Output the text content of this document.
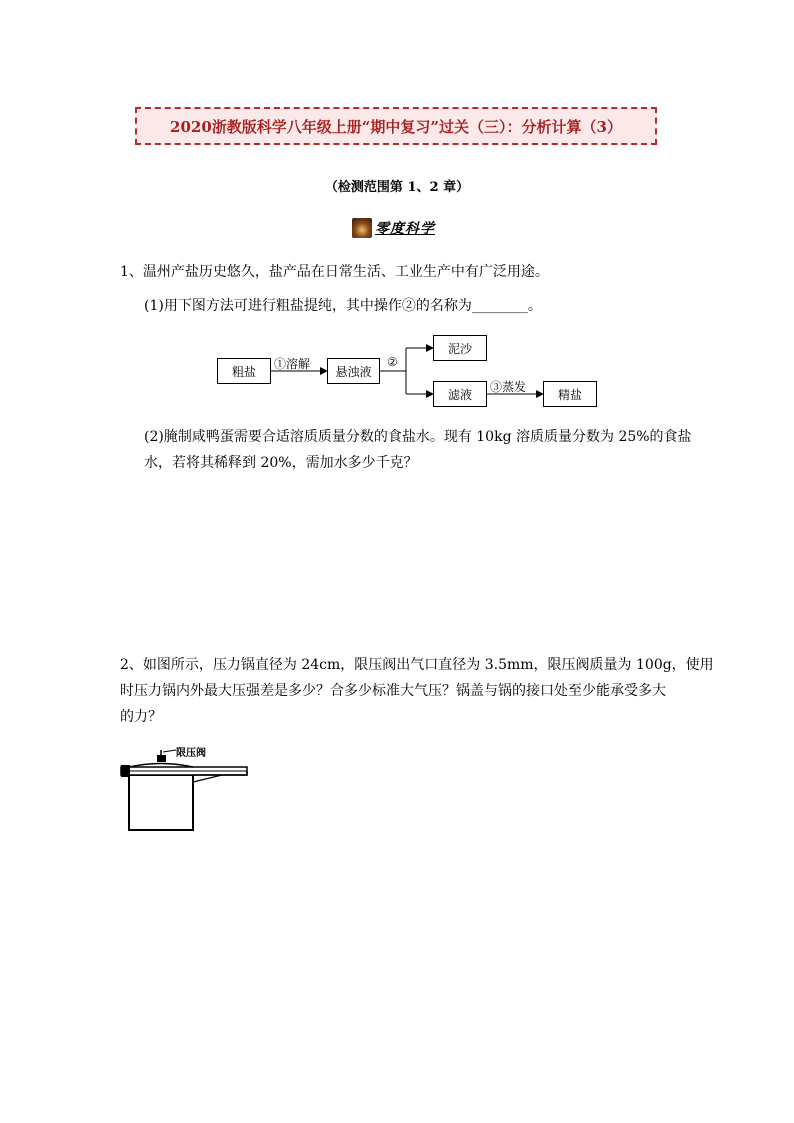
2020浙教版科学八年级上册“期中复习”过关（三）：分析计算（3）
（检测范围第 1、2 章）
零度科学
1、温州产盐历史悠久，盐产品在日常生活、工业生产中有广泛用途。
(1)用下图方法可进行粗盐提纯，其中操作②的名称为________。
粗盐	悬浊液
泥沙
滤液	精盐
①溶解	②
③蒸发
(2)腌制咸鸭蛋需要合适溶质质量分数的食盐水。现有 10kg 溶质质量分数为 25%的食盐
水，若将其稀释到 20%，需加水多少千克？
2、如图所示，压力锅直径为 24cm，限压阀出气口直径为 3.5mm，限压阀质量为 100g，使用
时压力锅内外最大压强差是多少？合多少标准大气压？锅盖与锅的接口处至少能承受多大
的力？
限压阀
